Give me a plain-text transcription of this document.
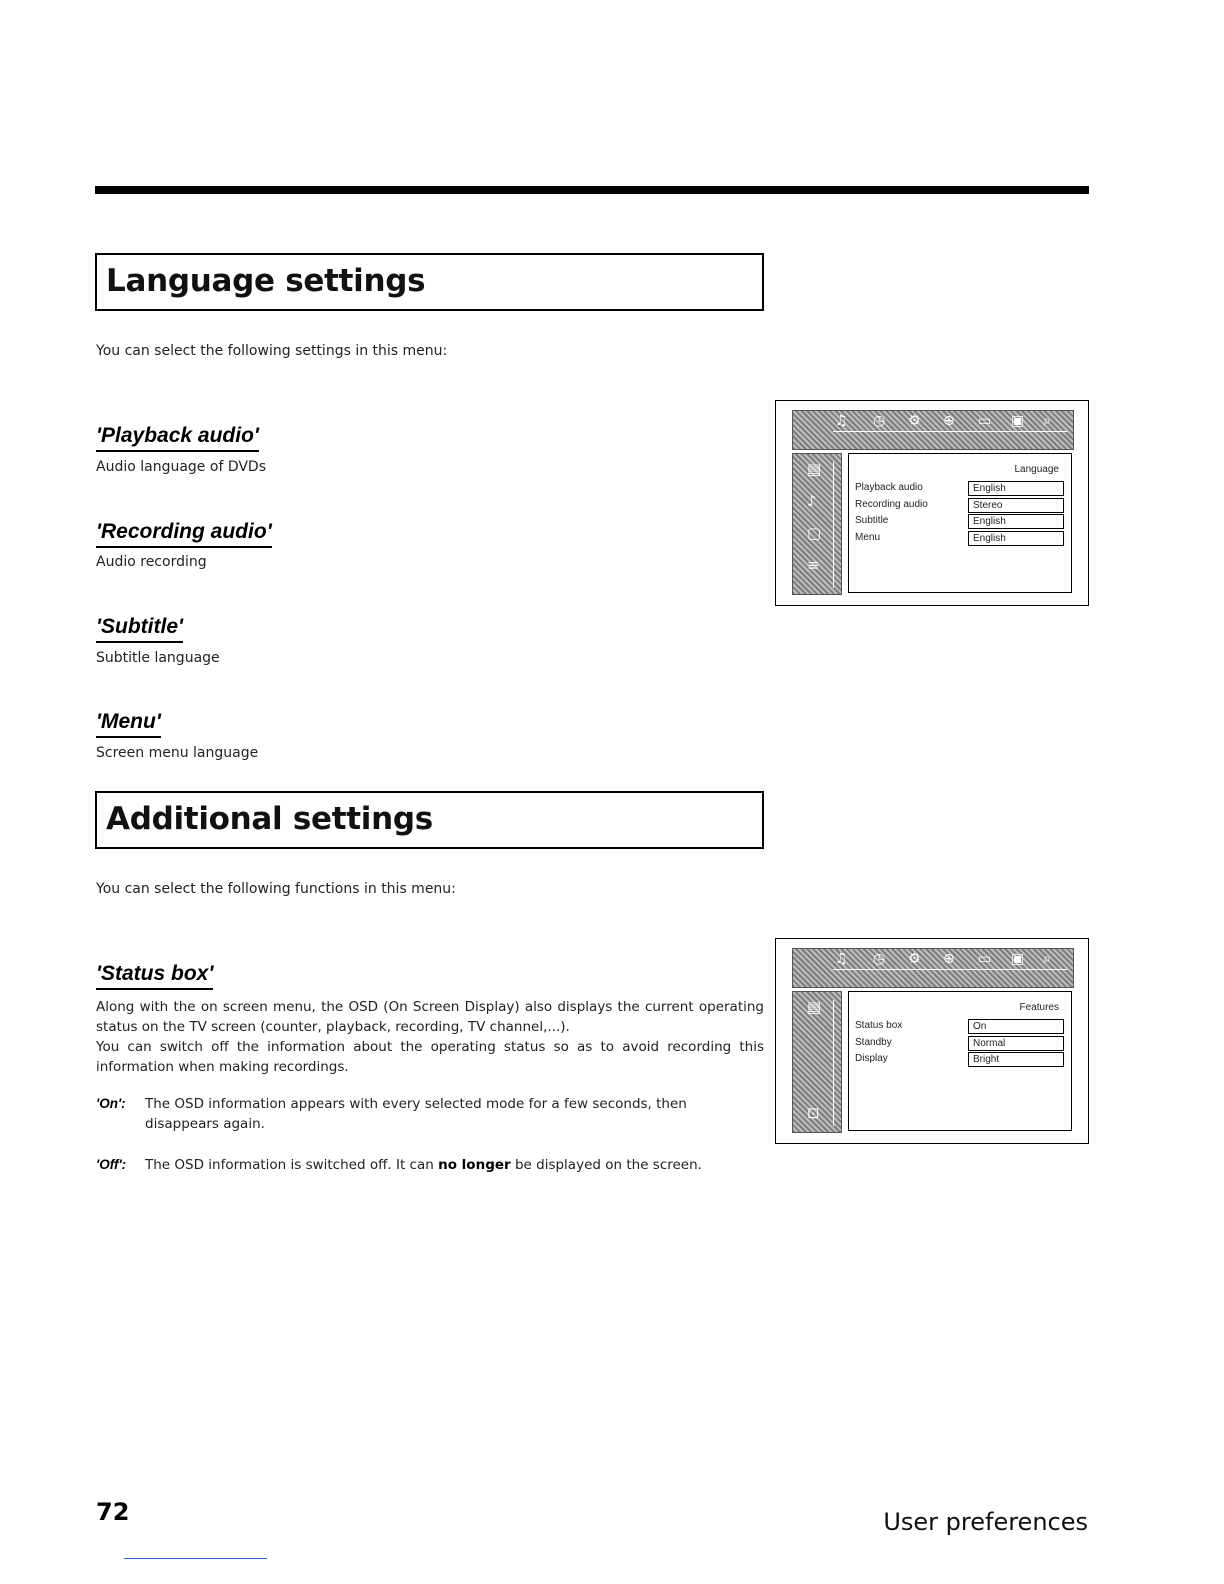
Language settings
You can select the following settings in this menu:
'Playback audio'
Audio language of DVDs
'Recording audio'
Audio recording
'Subtitle'
Subtitle language
'Menu'
Screen menu language
♫ ◷ ⚙ ⊕ ▭ ▣ ⌕
▤
♪
▢
≡
Language
Playback audio	English
Recording audio	Stereo
Subtitle	English
Menu	English
Additional settings
You can select the following functions in this menu:
'Status box'
Along with the on screen menu, the OSD (On Screen Display) also displays the current operating status on the TV screen (counter, playback, recording, TV channel,...).
You can switch off the information about the operating status so as to avoid recording this information when making recordings.
'On': The OSD information appears with every selected mode for a few seconds, then disappears again.
'Off': The OSD information is switched off. It can no longer be displayed on the screen.
♫ ◷ ⚙ ⊕ ▭ ▣ ⌕
▤
⊡
Features
Status box	On
Standby	Normal
Display	Bright
72	User preferences
